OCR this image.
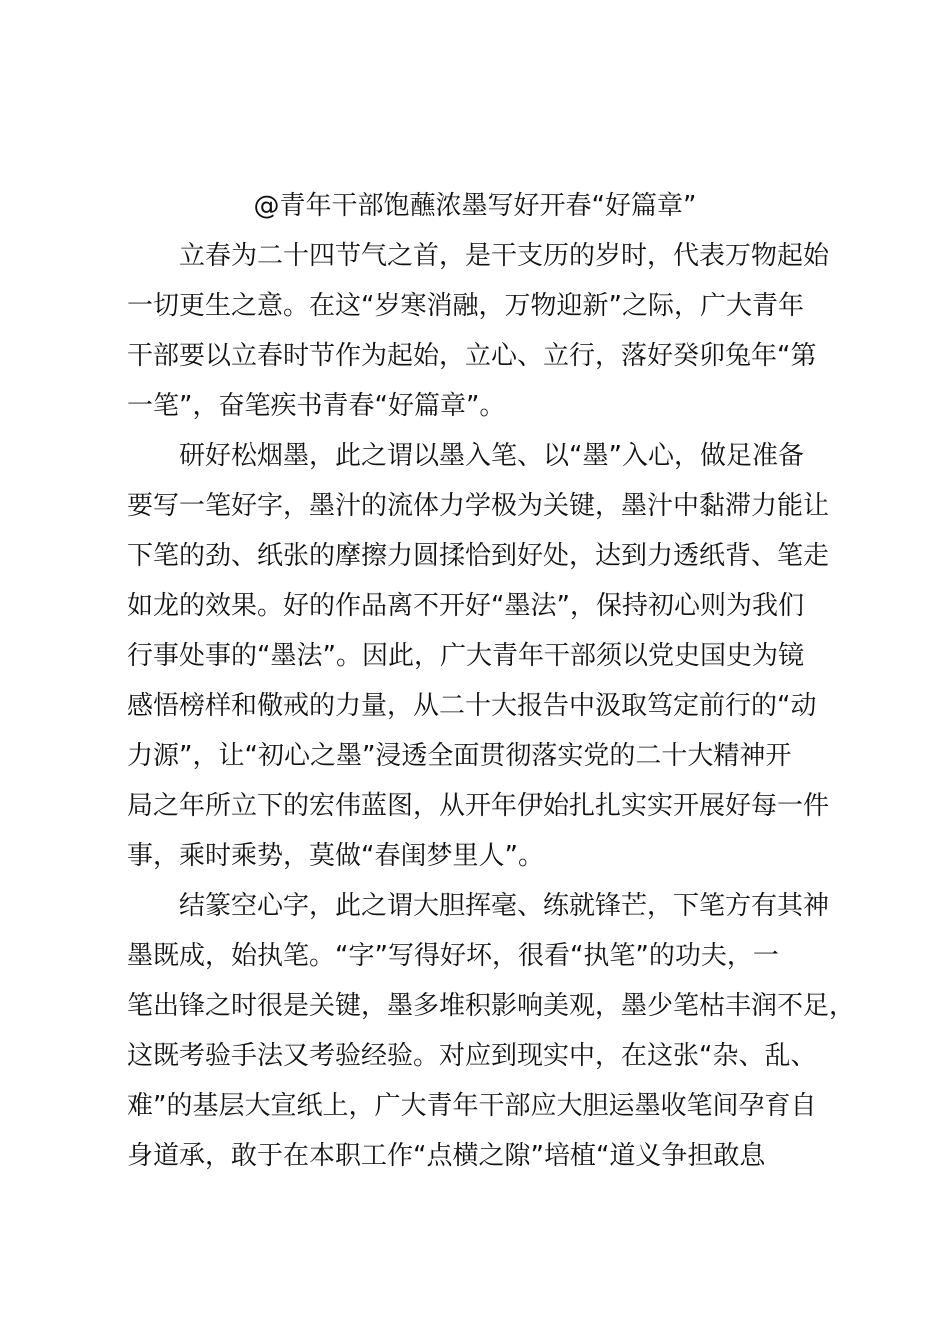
@青年干部饱蘸浓墨写好开春“好篇章”
立春为二十四节气之首，是干支历的岁时，代表万物起始
一切更生之意。在这“岁寒消融，万物迎新”之际，广大青年
干部要以立春时节作为起始，立心、立行，落好癸卯兔年“第
一笔”，奋笔疾书青春“好篇章”。
研好松烟墨，此之谓以墨入笔、以“墨”入心，做足准备
要写一笔好字，墨汁的流体力学极为关键，墨汁中黏滞力能让
下笔的劲、纸张的摩擦力圆揉恰到好处，达到力透纸背、笔走
如龙的效果。好的作品离不开好“墨法”，保持初心则为我们
行事处事的“墨法”。因此，广大青年干部须以党史国史为镜
感悟榜样和儆戒的力量，从二十大报告中汲取笃定前行的“动
力源”，让“初心之墨”浸透全面贯彻落实党的二十大精神开
局之年所立下的宏伟蓝图，从开年伊始扎扎实实开展好每一件
事，乘时乘势，莫做“春闺梦里人”。
结篆空心字，此之谓大胆挥毫、练就锋芒，下笔方有其神
墨既成，始执笔。“字”写得好坏，很看“执笔”的功夫，一
笔出锋之时很是关键，墨多堆积影响美观，墨少笔枯丰润不足，
这既考验手法又考验经验。对应到现实中，在这张“杂、乱、
难”的基层大宣纸上，广大青年干部应大胆运墨收笔间孕育自
身道承，敢于在本职工作“点横之隙”培植“道义争担敢息
